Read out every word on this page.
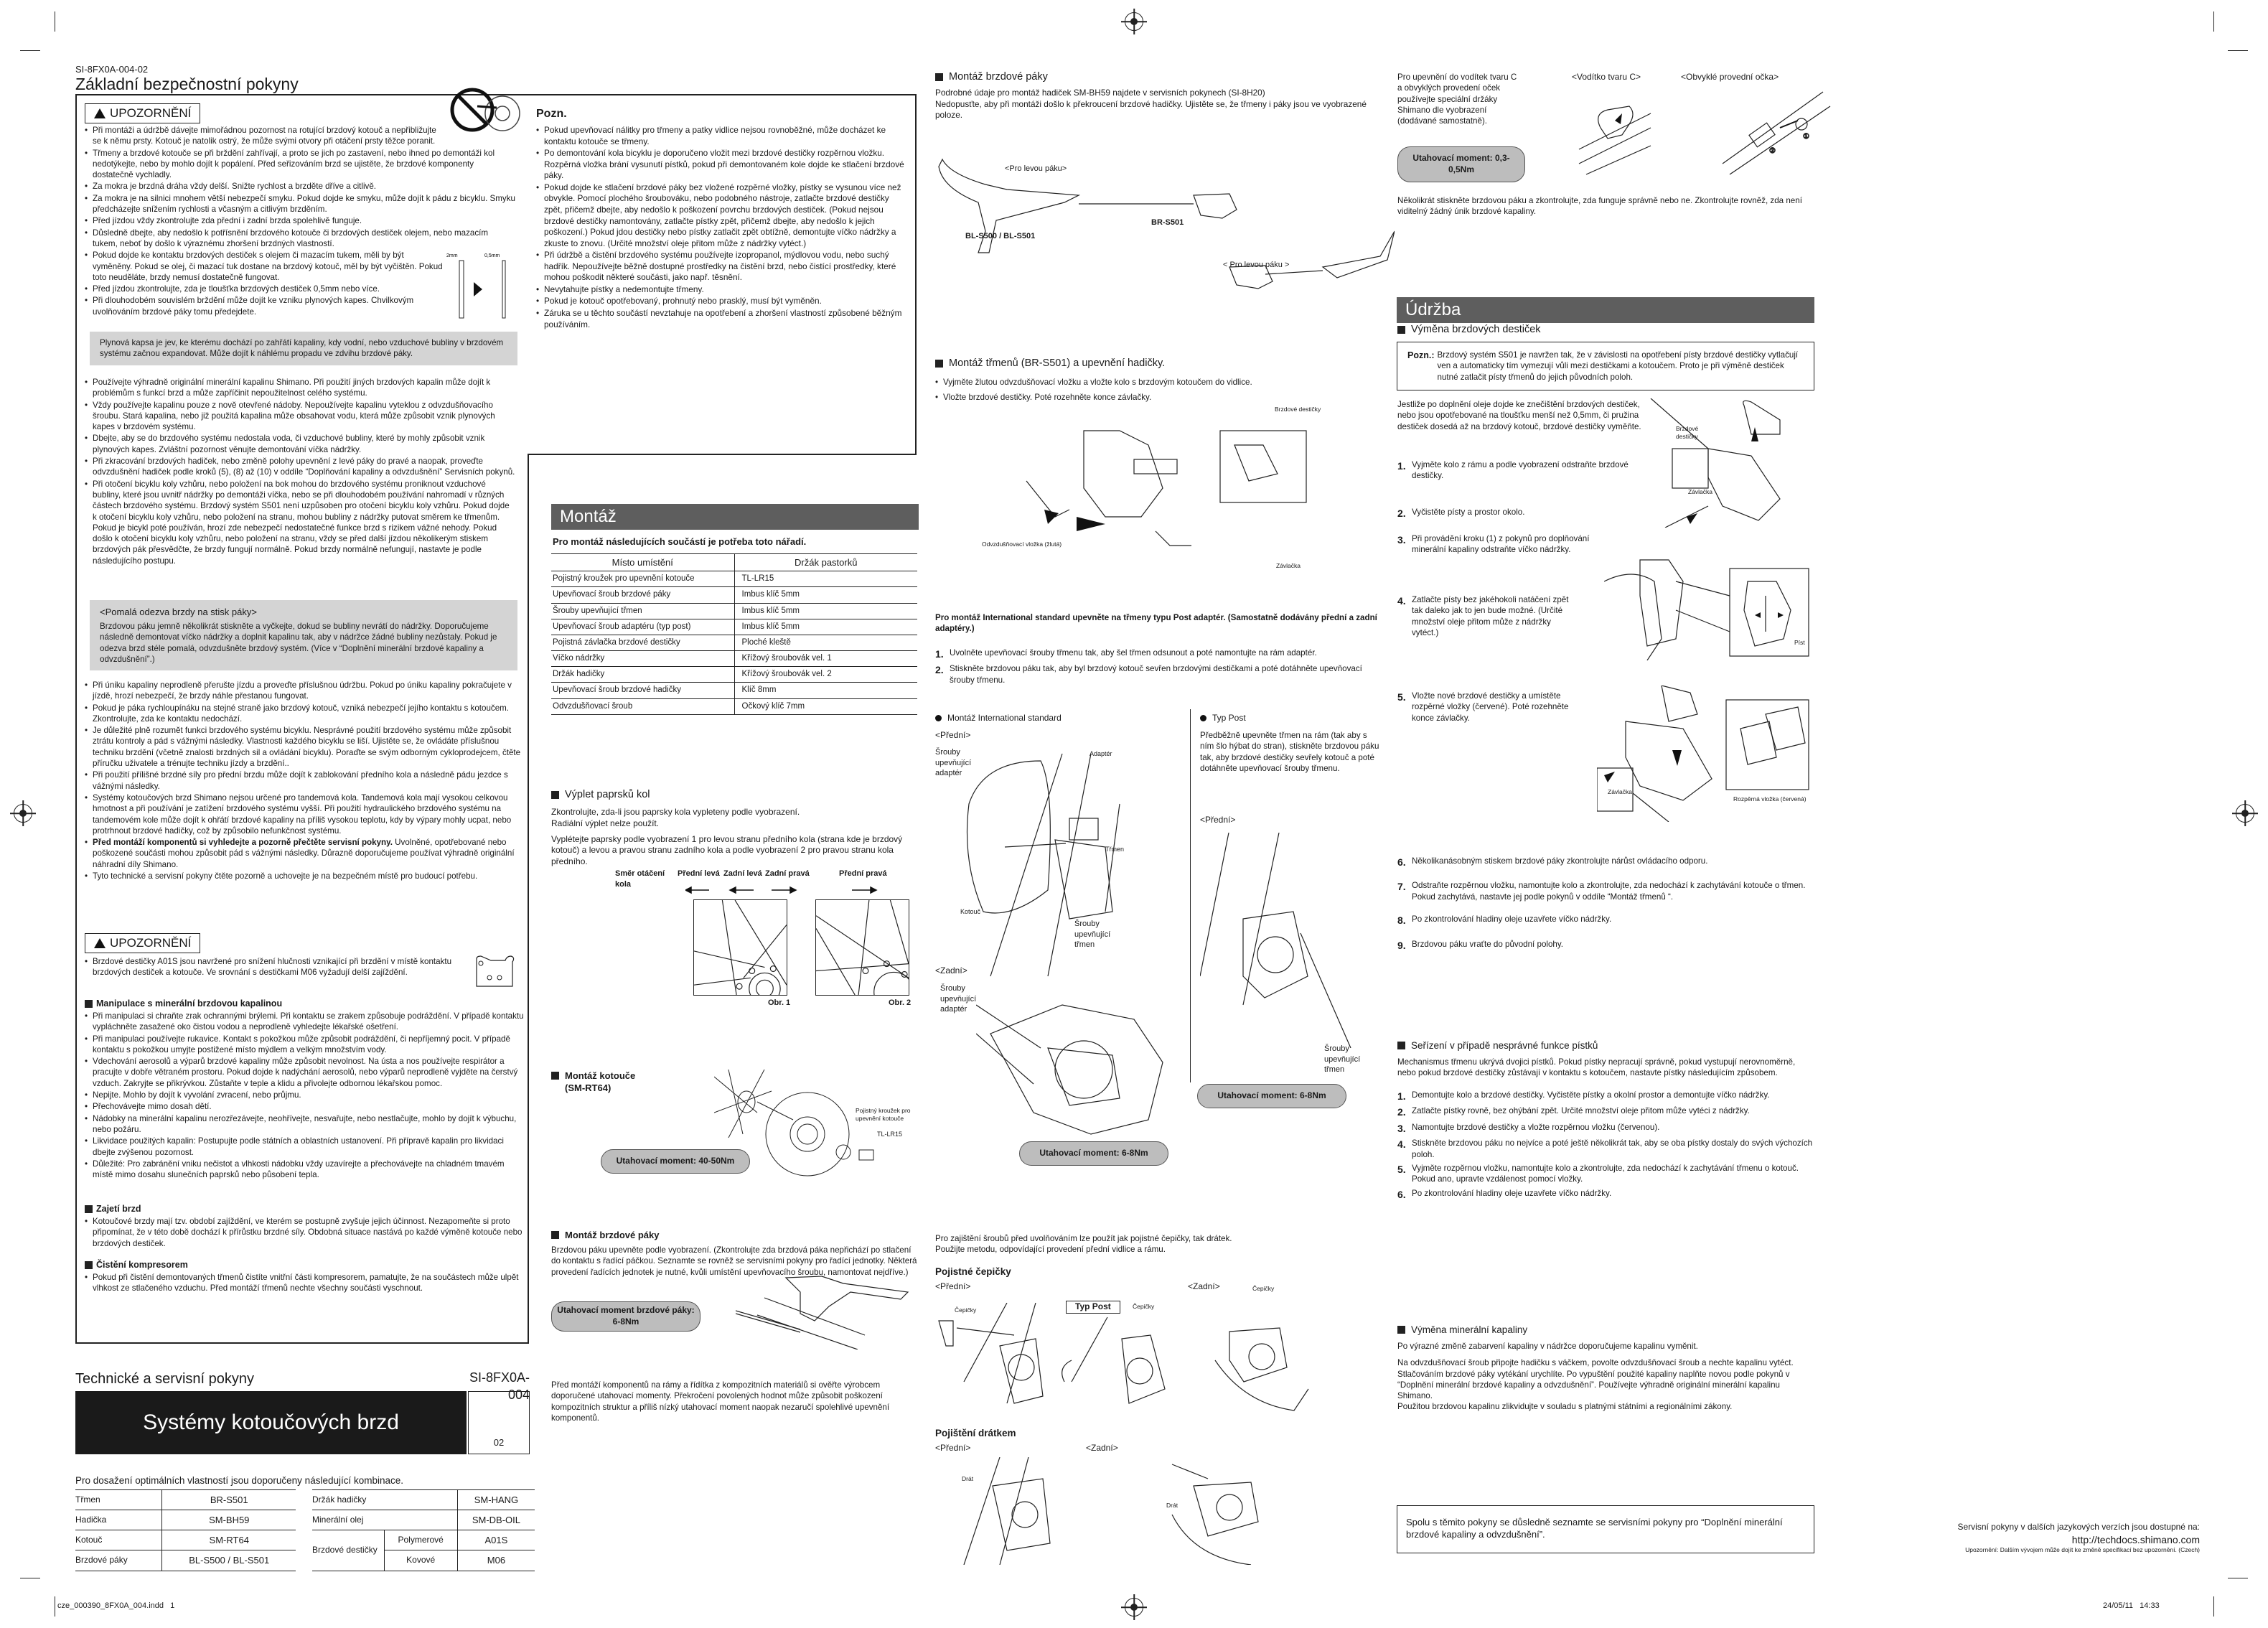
SI-8FX0A-004-02
Základní bezpečnostní pokyny
UPOZORNĚNÍ
• Při montáži a údržbě dávejte mimořádnou pozornost na rotující brzdový kotouč a nepřibližujte se k němu prsty. Kotouč je natolik ostrý, že může svými otvory při otáčení prsty těžce poranit.
• Třmeny a brzdové kotouče se při brždění zahřívají, a proto se jich po zastavení, nebo ihned po demontáži kol nedotýkejte, nebo by mohlo dojít k popálení. Před seřizováním brzd se ujistěte, že brzdové komponenty dostatečně vychladly.
• Za mokra je brzdná dráha vždy delší. Snižte rychlost a brzděte dříve a citlivě.
• Za mokra je na silnici mnohem větší nebezpečí smyku. Pokud dojde ke smyku, může dojít k pádu z bicyklu. Smyku předcházejte snížením rychlosti a včasným a citlivým brzděním.
• Před jízdou vždy zkontrolujte zda přední i zadní brzda spolehlivě funguje.
• Důsledně dbejte, aby nedošlo k potřísnění brzdového kotouče či brzdových destiček olejem, nebo mazacím tukem, neboť by došlo k výraznému zhoršení brzdných vlastností.
• Pokud dojde ke kontaktu brzdových destiček s olejem či mazacím tukem, měli by být vyměněny. Pokud se olej, či mazací tuk dostane na brzdový kotouč, měl by být vyčištěn. Pokud toto neuděláte, brzdy nemusí dostatečně fungovat.
• Před jízdou zkontrolujte, zda je tloušťka brzdových destiček 0,5mm nebo více.
• Při dlouhodobém souvislém brždění může dojít ke vzniku plynových kapes. Chvilkovým uvolňováním brzdové páky tomu předejdete.
2mm	0,5mm
Plynová kapsa je jev, ke kterému dochází po zahřátí kapaliny, kdy vodní, nebo vzduchové bubliny v brzdovém systému začnou expandovat. Může dojít k náhlému propadu ve zdvihu brzdové páky.
• Používejte výhradně originální minerální kapalinu Shimano. Při použití jiných brzdových kapalin může dojít k problémům s funkcí brzd a může zapříčinit nepoužitelnost celého systému.
• Vždy používejte kapalinu pouze z nově otevřené nádoby. Nepoužívejte kapalinu vyteklou z odvzdušňovacího šroubu. Stará kapalina, nebo již použitá kapalina může obsahovat vodu, která může způsobit vznik plynových kapes v brzdovém systému.
• Dbejte, aby se do brzdového systému nedostala voda, či vzduchové bubliny, které by mohly způsobit vznik plynových kapes. Zvláštní pozornost věnujte demontování víčka nádržky.
• Při zkracování brzdových hadiček, nebo změně polohy upevnění z levé páky do pravé a naopak, proveďte odvzdušnění hadiček podle kroků (5), (8) až (10) v oddíle “Doplňování kapaliny a odvzdušnění” Servisních pokynů.
• Při otočení bicyklu koly vzhůru, nebo položení na bok mohou do brzdového systému proniknout vzduchové bubliny, které jsou uvnitř nádržky po demontáži víčka, nebo se při dlouhodobém používání nahromadí v různých částech brzdového systému. Brzdový systém S501 není uzpůsoben pro otočení bicyklu koly vzhůru. Pokud dojde k otočení bicyklu koly vzhůru, nebo položení na stranu, mohou bubliny z nádržky putovat směrem ke třmenům. Pokud je bicykl poté používán, hrozí zde nebezpečí nedostatečné funkce brzd s rizikem vážné nehody. Pokud došlo k otočení bicyklu koly vzhůru, nebo položení na stranu, vždy se před další jízdou několikerým stiskem brzdových pák přesvědčte, že brzdy fungují normálně. Pokud brzdy normálně nefungují, nastavte je podle následujícího postupu.
<Pomalá odezva brzdy na stisk páky>
Brzdovou páku jemně několikrát stiskněte a vyčkejte, dokud se bubliny nevrátí do nádržky. Doporučujeme následně demontovat víčko nádržky a doplnit kapalinu tak, aby v nádržce žádné bubliny nezůstaly. Pokud je odezva brzd stéle pomalá, odvzdušněte brzdový systém. (Více v “Doplnění minerální brzdové kapaliny a odvzdušnění”.)
• Při úniku kapaliny neprodleně přerušte jízdu a proveďte příslušnou údržbu. Pokud po úniku kapaliny pokračujete v jízdě, hrozí nebezpečí, že brzdy náhle přestanou fungovat.
• Pokud je páka rychloupínáku na stejné straně jako brzdový kotouč, vzniká nebezpečí jejího kontaktu s kotoučem. Zkontrolujte, zda ke kontaktu nedochází.
• Je důležité plně rozumět funkci brzdového systému bicyklu. Nesprávné použití brzdového systému může způsobit ztrátu kontroly a pád s vážnými následky. Vlastnosti každého bicyklu se liší. Ujistěte se, že ovládáte příslušnou techniku brzdění (včetně znalosti brzdných sil a ovládání bicyklu). Poraďte se svým odborným cykloprodejcem, čtěte příručku uživatele a trénujte techniku jízdy a brzdění..
• Při použití přílišné brzdné síly pro přední brzdu může dojít k zablokování předního kola a následně pádu jezdce s vážnými následky.
• Systémy kotoučových brzd Shimano nejsou určené pro tandemová kola. Tandemová kola mají vysokou celkovou hmotnost a při používání je zatížení brzdového systému vyšší. Při použití hydraulického brzdového systému na tandemovém kole může dojít k ohřátí brzdové kapaliny na příliš vysokou teplotu, kdy by výpary mohly ucpat, nebo protrhnout brzdové hadičky, což by způsobilo nefunkčnost systému.
• Před montáží komponentů si vyhledejte a pozorně přečtěte servisní pokyny. Uvolněné, opotřebované nebo poškozené součásti mohou způsobit pád s vážnými následky. Důrazně doporučujeme používat výhradně originální náhradní díly Shimano.
• Tyto technické a servisní pokyny čtěte pozorně a uchovejte je na bezpečném místě pro budoucí potřebu.
UPOZORNĚNÍ
• Brzdové destičky A01S jsou navržené pro snížení hlučnosti vznikající při brzdění v místě kontaktu brzdových destiček a kotouče. Ve srovnání s destičkami M06 vyžadují delší zajíždění.
Manipulace s minerální brzdovou kapalinou
• Při manipulaci si chraňte zrak ochrannými brýlemi. Při kontaktu se zrakem způsobuje podráždění. V případě kontaktu vypláchněte zasažené oko čistou vodou a neprodleně vyhledejte lékařské ošetření.
• Při manipulaci používejte rukavice. Kontakt s pokožkou může způsobit podráždění, či nepříjemný pocit. V případě kontaktu s pokožkou umyjte postižené místo mýdlem a velkým množstvím vody.
• Vdechování aerosolů a výparů brzdové kapaliny může způsobit nevolnost. Na ústa a nos používejte respirátor a pracujte v dobře větraném prostoru. Pokud dojde k nadýchání aerosolů, nebo výparů neprodleně vyjděte na čerstvý vzduch. Zakryjte se přikrývkou. Zůstaňte v teple a klidu a přivolejte odbornou lékařskou pomoc.
• Nepijte. Mohlo by dojít k vyvolání zvracení, nebo průjmu.
• Přechovávejte mimo dosah dětí.
• Nádobky na minerální kapalinu nerozřezávejte, neohřívejte, nesvařujte, nebo nestlačujte, mohlo by dojít k výbuchu, nebo požáru.
• Likvidace použitých kapalin: Postupujte podle státních a oblastních ustanovení. Při přípravě kapalin pro likvidaci dbejte zvýšenou pozornost.
• Důležité: Pro zabránění vniku nečistot a vlhkosti nádobku vždy uzavírejte a přechovávejte na chladném tmavém místě mimo dosahu slunečních paprsků nebo působení tepla.
Zajetí brzd
• Kotoučové brzdy mají tzv. období zajíždění, ve kterém se postupně zvyšuje jejich účinnost. Nezapomeňte si proto připomínat, že v této době dochází k přírůstku brzdné síly. Obdobná situace nastává po každé výměně kotouče nebo brzdových destiček.
Čistění kompresorem
• Pokud při čistění demontovaných třmenů čistíte vnitřní části kompresorem, pamatujte, že na součástech může ulpět vlhkost ze stlačeného vzduchu. Před montáží třmenů nechte všechny součásti vyschnout.
Pozn.
• Pokud upevňovací nálitky pro třmeny a patky vidlice nejsou rovnoběžné, může docházet ke kontaktu kotouče se třmeny.
• Po demontování kola bicyklu je doporučeno vložit mezi brzdové destičky rozpěrnou vložku. Rozpěrná vložka brání vysunutí pístků, pokud při demontovaném kole dojde ke stlačení brzdové páky.
• Pokud dojde ke stlačení brzdové páky bez vložené rozpěrné vložky, pístky se vysunou více než obvykle. Pomocí plochého šroubováku, nebo podobného nástroje, zatlačte brzdové destičky zpět, přičemž dbejte, aby nedošlo k poškození povrchu brzdových destiček. (Pokud nejsou brzdové destičky namontovány, zatlačte pístky zpět, přičemž dbejte, aby nedošlo k jejich poškození.) Pokud jdou destičky nebo pístky zatlačit zpět obtížně, demontujte víčko nádržky a zkuste to znovu. (Určité množství oleje přitom může z nádržky vytéct.)
• Při údržbě a čistění brzdového systému používejte izopropanol, mýdlovou vodu, nebo suchý hadřík. Nepoužívejte běžně dostupné prostředky na čistění brzd, nebo čistící prostředky, které mohou poškodit některé součásti, jako např. těsnění.
• Nevytahujte pístky a nedemontujte třmeny.
• Pokud je kotouč opotřebovaný, prohnutý nebo prasklý, musí být vyměněn.
• Záruka se u těchto součástí nevztahuje na opotřebení a zhoršení vlastností způsobené běžným používáním.
Technické a servisní pokyny	SI-8FX0A-004
Systémy kotoučových brzd
02
Pro dosažení optimálních vlastností jsou doporučeny následující kombinace.
Třmen	BR-S501
Hadička	SM-BH59
Kotouč	SM-RT64
Brzdové páky	BL-S500 / BL-S501
Držák hadičky		SM-HANG
Minerální olej		SM-DB-OIL
Brzdové destičky	Polymerové	A01S
	Kovové	M06
Montáž
Pro montáž následujících součástí je potřeba toto nářadí.
Místo umístění	Držák pastorků
Pojistný kroužek pro upevnění kotouče	TL-LR15
Upevňovací šroub brzdové páky	Imbus klíč 5mm
Šrouby upevňující třmen	Imbus klíč 5mm
Upevňovací šroub adaptéru (typ post)	Imbus klíč 5mm
Pojistná závlačka brzdové destičky	Ploché kleště
Víčko nádržky	Křížový šroubovák vel. 1
Držák hadičky	Křížový šroubovák vel. 2
Upevňovací šroub brzdové hadičky	Klíč 8mm
Odvzdušňovací šroub	Očkový klíč 7mm
Výplet paprsků kol
Zkontrolujte, zda-li jsou paprsky kola vypleteny podle vyobrazení.
Radiální výplet nelze použít.
Vyplétejte paprsky podle vyobrazení 1 pro levou stranu předního kola (strana kde je brzdový kotouč) a levou a pravou stranu zadního kola a podle vyobrazení 2 pro pravou stranu kola předního.
Směr otáčení kola
Přední levá Zadní levá Zadní pravá	Přední pravá
Obr. 1	Obr. 2
Montáž kotouče (SM-RT64)
Pojistný kroužek pro upevnění kotouče
TL-LR15
Utahovací moment: 40-50Nm
Montáž brzdové páky
Brzdovou páku upevněte podle vyobrazení. (Zkontrolujte zda brzdová páka nepřichází po stlačení do kontaktu s řadící páčkou. Seznamte se rovněž se servisními pokyny pro řadící jednotky. Některá provedení řadících jednotek je nutné, kvůli umístění upevňovacího šroubu, namontovat nejdříve.)
Utahovací moment brzdové páky: 6-8Nm
Před montáží komponentů na rámy a řídítka z kompozitních materiálů si ověřte výrobcem doporučené utahovací momenty. Překročení povolených hodnot může způsobit poškození kompozitních struktur a příliš nízký utahovací moment naopak nezaručí spolehlivé upevnění komponentů.
Montáž brzdové páky
Podrobné údaje pro montáž hadiček SM-BH59 najdete v servisních pokynech (SI-8H20)
Nedopusťte, aby při montáži došlo k překroucení brzdové hadičky. Ujistěte se, že třmeny i páky jsou ve vyobrazené poloze.
<Pro levou páku>
BL-S500 / BL-S501
BR-S501
< Pro levou páku >
Montáž třmenů (BR-S501) a upevnění hadičky.
• Vyjměte žlutou odvzdušňovací vložku a vložte kolo s brzdovým kotoučem do vidlice.
• Vložte brzdové destičky. Poté rozehněte konce závlačky.
Brzdové destičky
Odvzdušňovací vložka (žlutá)
Závlačka
Pro montáž International standard upevněte na třmeny typu Post adaptér. (Samostatně dodávány přední a zadní adaptéry.)
1. Uvolněte upevňovací šrouby třmenu tak, aby šel třmen odsunout a poté namontujte na rám adaptér.
2. Stiskněte brzdovou páku tak, aby byl brzdový kotouč sevřen brzdovými destičkami a poté dotáhněte upevňovací šrouby třmenu.
Montáž International standard
<Přední>
Šrouby upevňující adaptér
Adaptér
Třmen
Kotouč
Šrouby upevňující třmen
<Zadní>
Šrouby upevňující adaptér
Utahovací moment: 6-8Nm
Typ Post
Předběžně upevněte třmen na rám (tak aby s ním šlo hýbat do stran), stiskněte brzdovou páku tak, aby brzdové destičky sevřely kotouč a poté dotáhněte upevňovací šrouby třmenu.
<Přední>
Šrouby upevňující třmen
Utahovací moment: 6-8Nm
Pro zajištění šroubů před uvolňováním lze použít jak pojistné čepičky, tak drátek.
Použijte metodu, odpovídající provedení přední vidlice a rámu.
Pojistné čepičky
<Přední>	<Zadní>
Typ Post
Čepičky	Čepičky
Čepičky
Pojištění drátkem
<Přední>	<Zadní>
Drát
Drát
Pro upevnění do vodítek tvaru C a obvyklých provedení oček používejte speciální držáky Shimano dle vyobrazení (dodávané samostatně).
<Vodítko tvaru C>	<Obvyklé provední očka>
①
②
Utahovací moment: 0,3-0,5Nm
Několikrát stiskněte brzdovou páku a zkontrolujte, zda funguje správně nebo ne. Zkontrolujte rovněž, zda není viditelný žádný únik brzdové kapaliny.
Údržba
Výměna brzdových destiček
Pozn.: Brzdový systém S501 je navržen tak, že v závislosti na opotřebení písty brzdové destičky vytlačují ven a automaticky tím vymezují vůli mezi destičkami a kotoučem. Proto je při výměně destiček nutné zatlačit písty třmenů do jejich původních poloh.
Jestliže po doplnění oleje dojde ke znečištění brzdových destiček, nebo jsou opotřebované na tloušťku menší než 0,5mm, či pružina destiček dosedá až na brzdový kotouč, brzdové destičky vyměňte.
1. Vyjměte kolo z rámu a podle vyobrazení odstraňte brzdové destičky.
2. Vyčistěte písty a prostor okolo.
3. Při provádění kroku (1) z pokynů pro doplňování minerální kapaliny odstraňte víčko nádržky.
4. Zatlačte písty bez jakéhokoli natáčení zpět tak daleko jak to jen bude možné. (Určité množství oleje přitom může z nádržky vytéct.)
5. Vložte nové brzdové destičky a umístěte rozpěrné vložky (červené). Poté rozehněte konce závlačky.
Brzdové destičky
Závlačka
Píst
Závlačka
Rozpěrná vložka (červená)
6. Několikanásobným stiskem brzdové páky zkontrolujte nárůst ovládacího odporu.
7. Odstraňte rozpěrnou vložku, namontujte kolo a zkontrolujte, zda nedochází k zachytávání kotouče o třmen. Pokud zachytává, nastavte jej podle pokynů v oddíle “Montáž třmenů “.
8. Po zkontrolování hladiny oleje uzavřete víčko nádržky.
9. Brzdovou páku vraťte do původní polohy.
Seřízení v případě nesprávné funkce pístků
Mechanismus třmenu ukrývá dvojici pístků. Pokud pístky nepracují správně, pokud vystupují nerovnoměrně, nebo pokud brzdové destičky zůstávají v kontaktu s kotoučem, nastavte pístky následujícím způsobem.
1. Demontujte kolo a brzdové destičky. Vyčistěte pístky a okolní prostor a demontujte víčko nádržky.
2. Zatlačte pístky rovně, bez ohýbání zpět. Určité množství oleje přitom může vytéci z nádržky.
3. Namontujte brzdové destičky a vložte rozpěrnou vložku (červenou).
4. Stiskněte brzdovou páku no nejvíce a poté ještě několikrát tak, aby se oba pístky dostaly do svých výchozích poloh.
5. Vyjměte rozpěrnou vložku, namontujte kolo a zkontrolujte, zda nedochází k zachytávání třmenu o kotouč. Pokud ano, upravte vzdálenost pomocí vložky.
6. Po zkontrolování hladiny oleje uzavřete víčko nádržky.
Výměna minerální kapaliny
Po výrazné změně zabarvení kapaliny v nádržce doporučujeme kapalinu vyměnit.
Na odvzdušňovací šroub připojte hadičku s váčkem, povolte odvzdušňovací šroub a nechte kapalinu vytéct. Stlačováním brzdové páky vytékání urychlíte. Po vypuštění použité kapaliny naplňte novou podle pokynů v “Doplnění minerální brzdové kapaliny a odvzdušnění”. Používejte výhradně originální minerální kapalinu Shimano.
Použitou brzdovou kapalinu zlikvidujte v souladu s platnými státními a regionálními zákony.
Spolu s těmito pokyny se důsledně seznamte se servisními pokyny pro “Doplnění minerální brzdové kapaliny a odvzdušnění”.
Servisní pokyny v dalších jazykových verzích jsou dostupné na:
http://techdocs.shimano.com
Upozornění: Dalším vývojem může dojít ke změně specifikací bez upozornění. (Czech)
cze_000390_8FX0A_004.indd   1	24/05/11   14:33
